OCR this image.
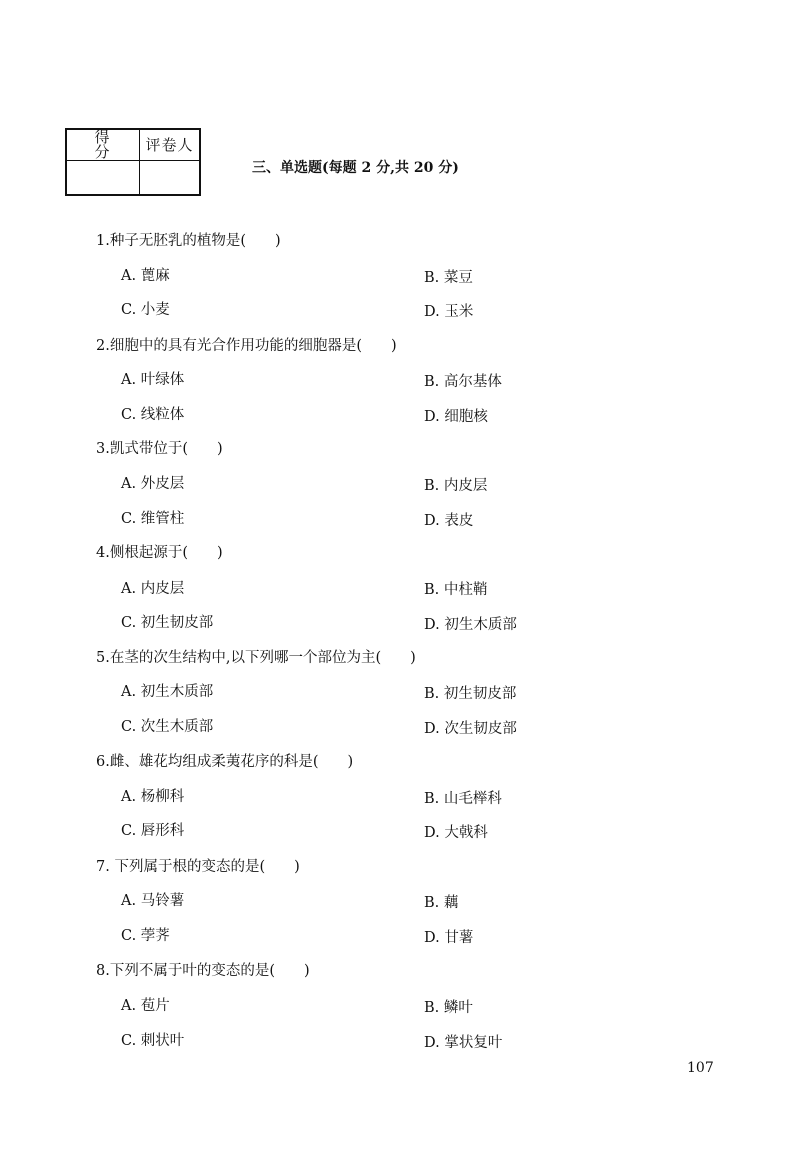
得 分	评卷人

三、单选题(每题 2 分,共 20 分)
1.种子无胚乳的植物是(　　)
A. 蓖麻	B. 菜豆
C. 小麦	D. 玉米
2.细胞中的具有光合作用功能的细胞器是(　　)
A. 叶绿体	B. 高尔基体
C. 线粒体	D. 细胞核
3.凯式带位于(　　)
A. 外皮层	B. 内皮层
C. 维管柱	D. 表皮
4.侧根起源于(　　)
A. 内皮层	B. 中柱鞘
C. 初生韧皮部	D. 初生木质部
5.在茎的次生结构中,以下列哪一个部位为主(　　)
A. 初生木质部	B. 初生韧皮部
C. 次生木质部	D. 次生韧皮部
6.雌、雄花均组成柔荑花序的科是(　　)
A. 杨柳科	B. 山毛榉科
C. 唇形科	D. 大戟科
7. 下列属于根的变态的是(　　)
A. 马铃薯	B. 藕
C. 荸荠	D. 甘薯
8.下列不属于叶的变态的是(　　)
A. 苞片	B. 鳞叶
C. 刺状叶	D. 掌状复叶
107
